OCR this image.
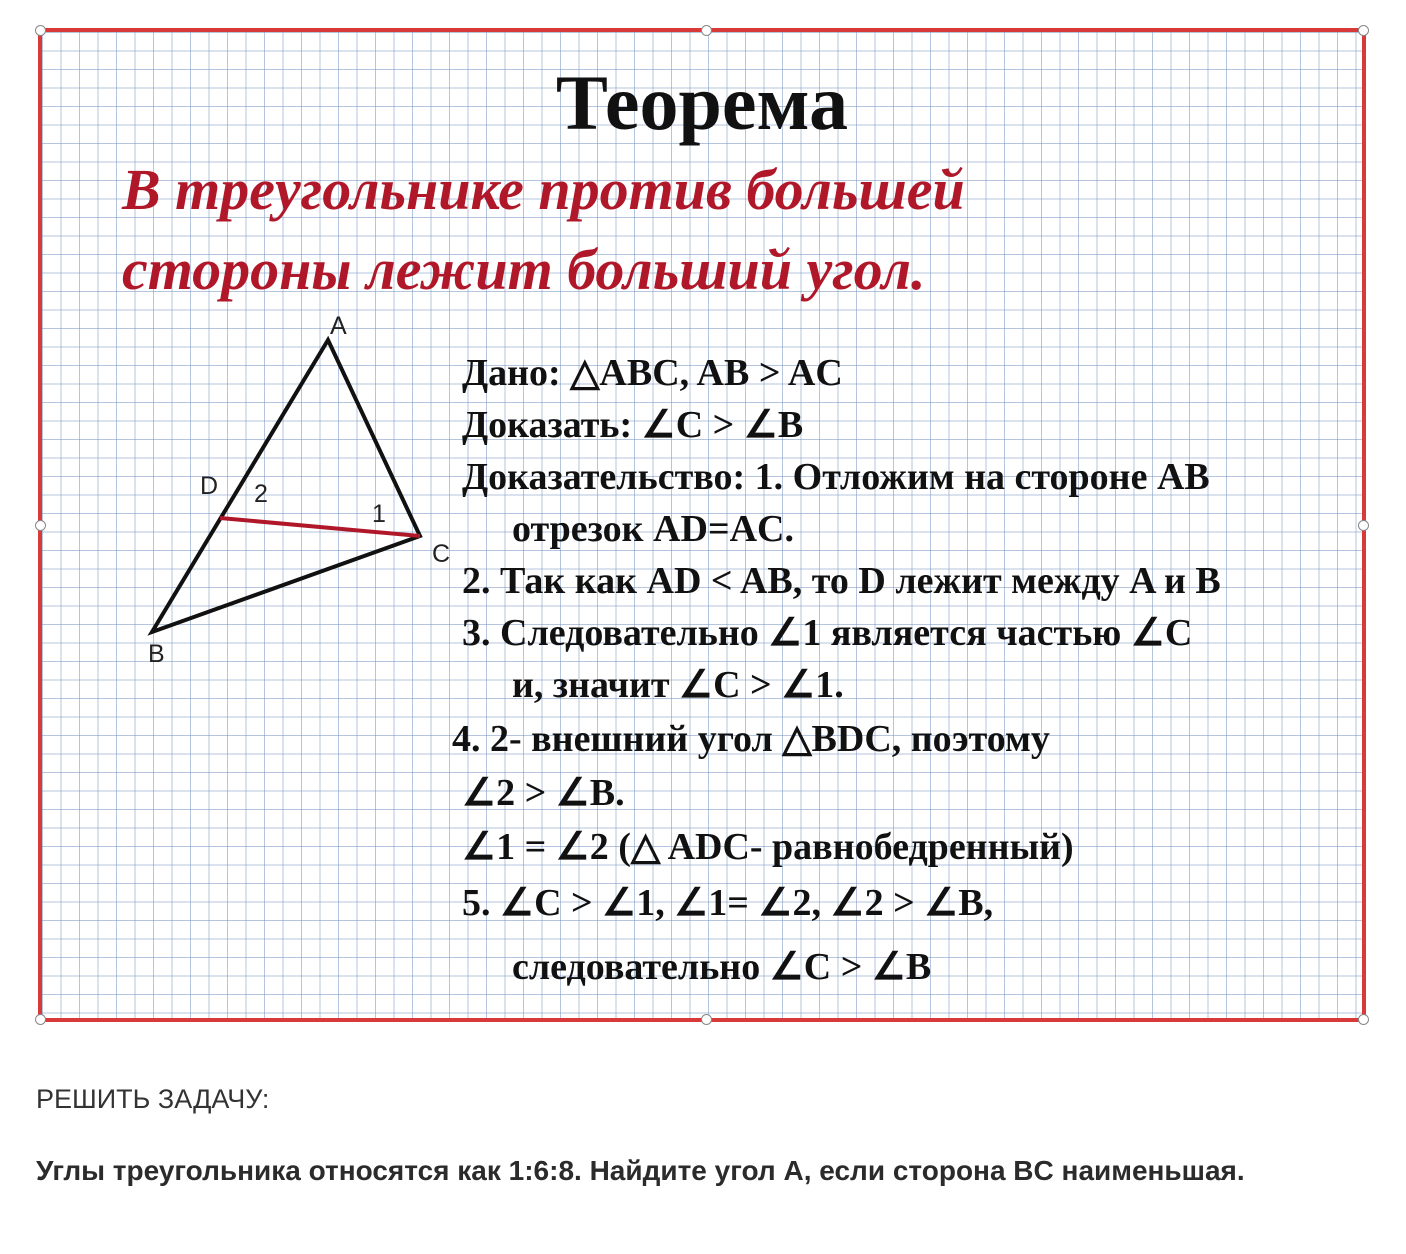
Теорема
В треугольнике против большей
стороны лежит больший угол.
A
B
C
D 2
1
Дано: △ABC, AB > AC
Доказать: ∠C > ∠B
Доказательство: 1. Отложим на стороне AB
отрезок AD=AC.
2. Так как AD < AB, то D лежит между A и B
3. Следовательно ∠1 является частью ∠C
и, значит ∠C > ∠1.
4. 2- внешний угол △BDC, поэтому
∠2 > ∠B.
∠1 = ∠2 (△ ADC- равнобедренный)
5. ∠C > ∠1, ∠1= ∠2, ∠2 > ∠B,
следовательно ∠C > ∠B
РЕШИТЬ ЗАДАЧУ:
Углы треугольника относятся как 1:6:8. Найдите угол A, если сторона BC наименьшая.
